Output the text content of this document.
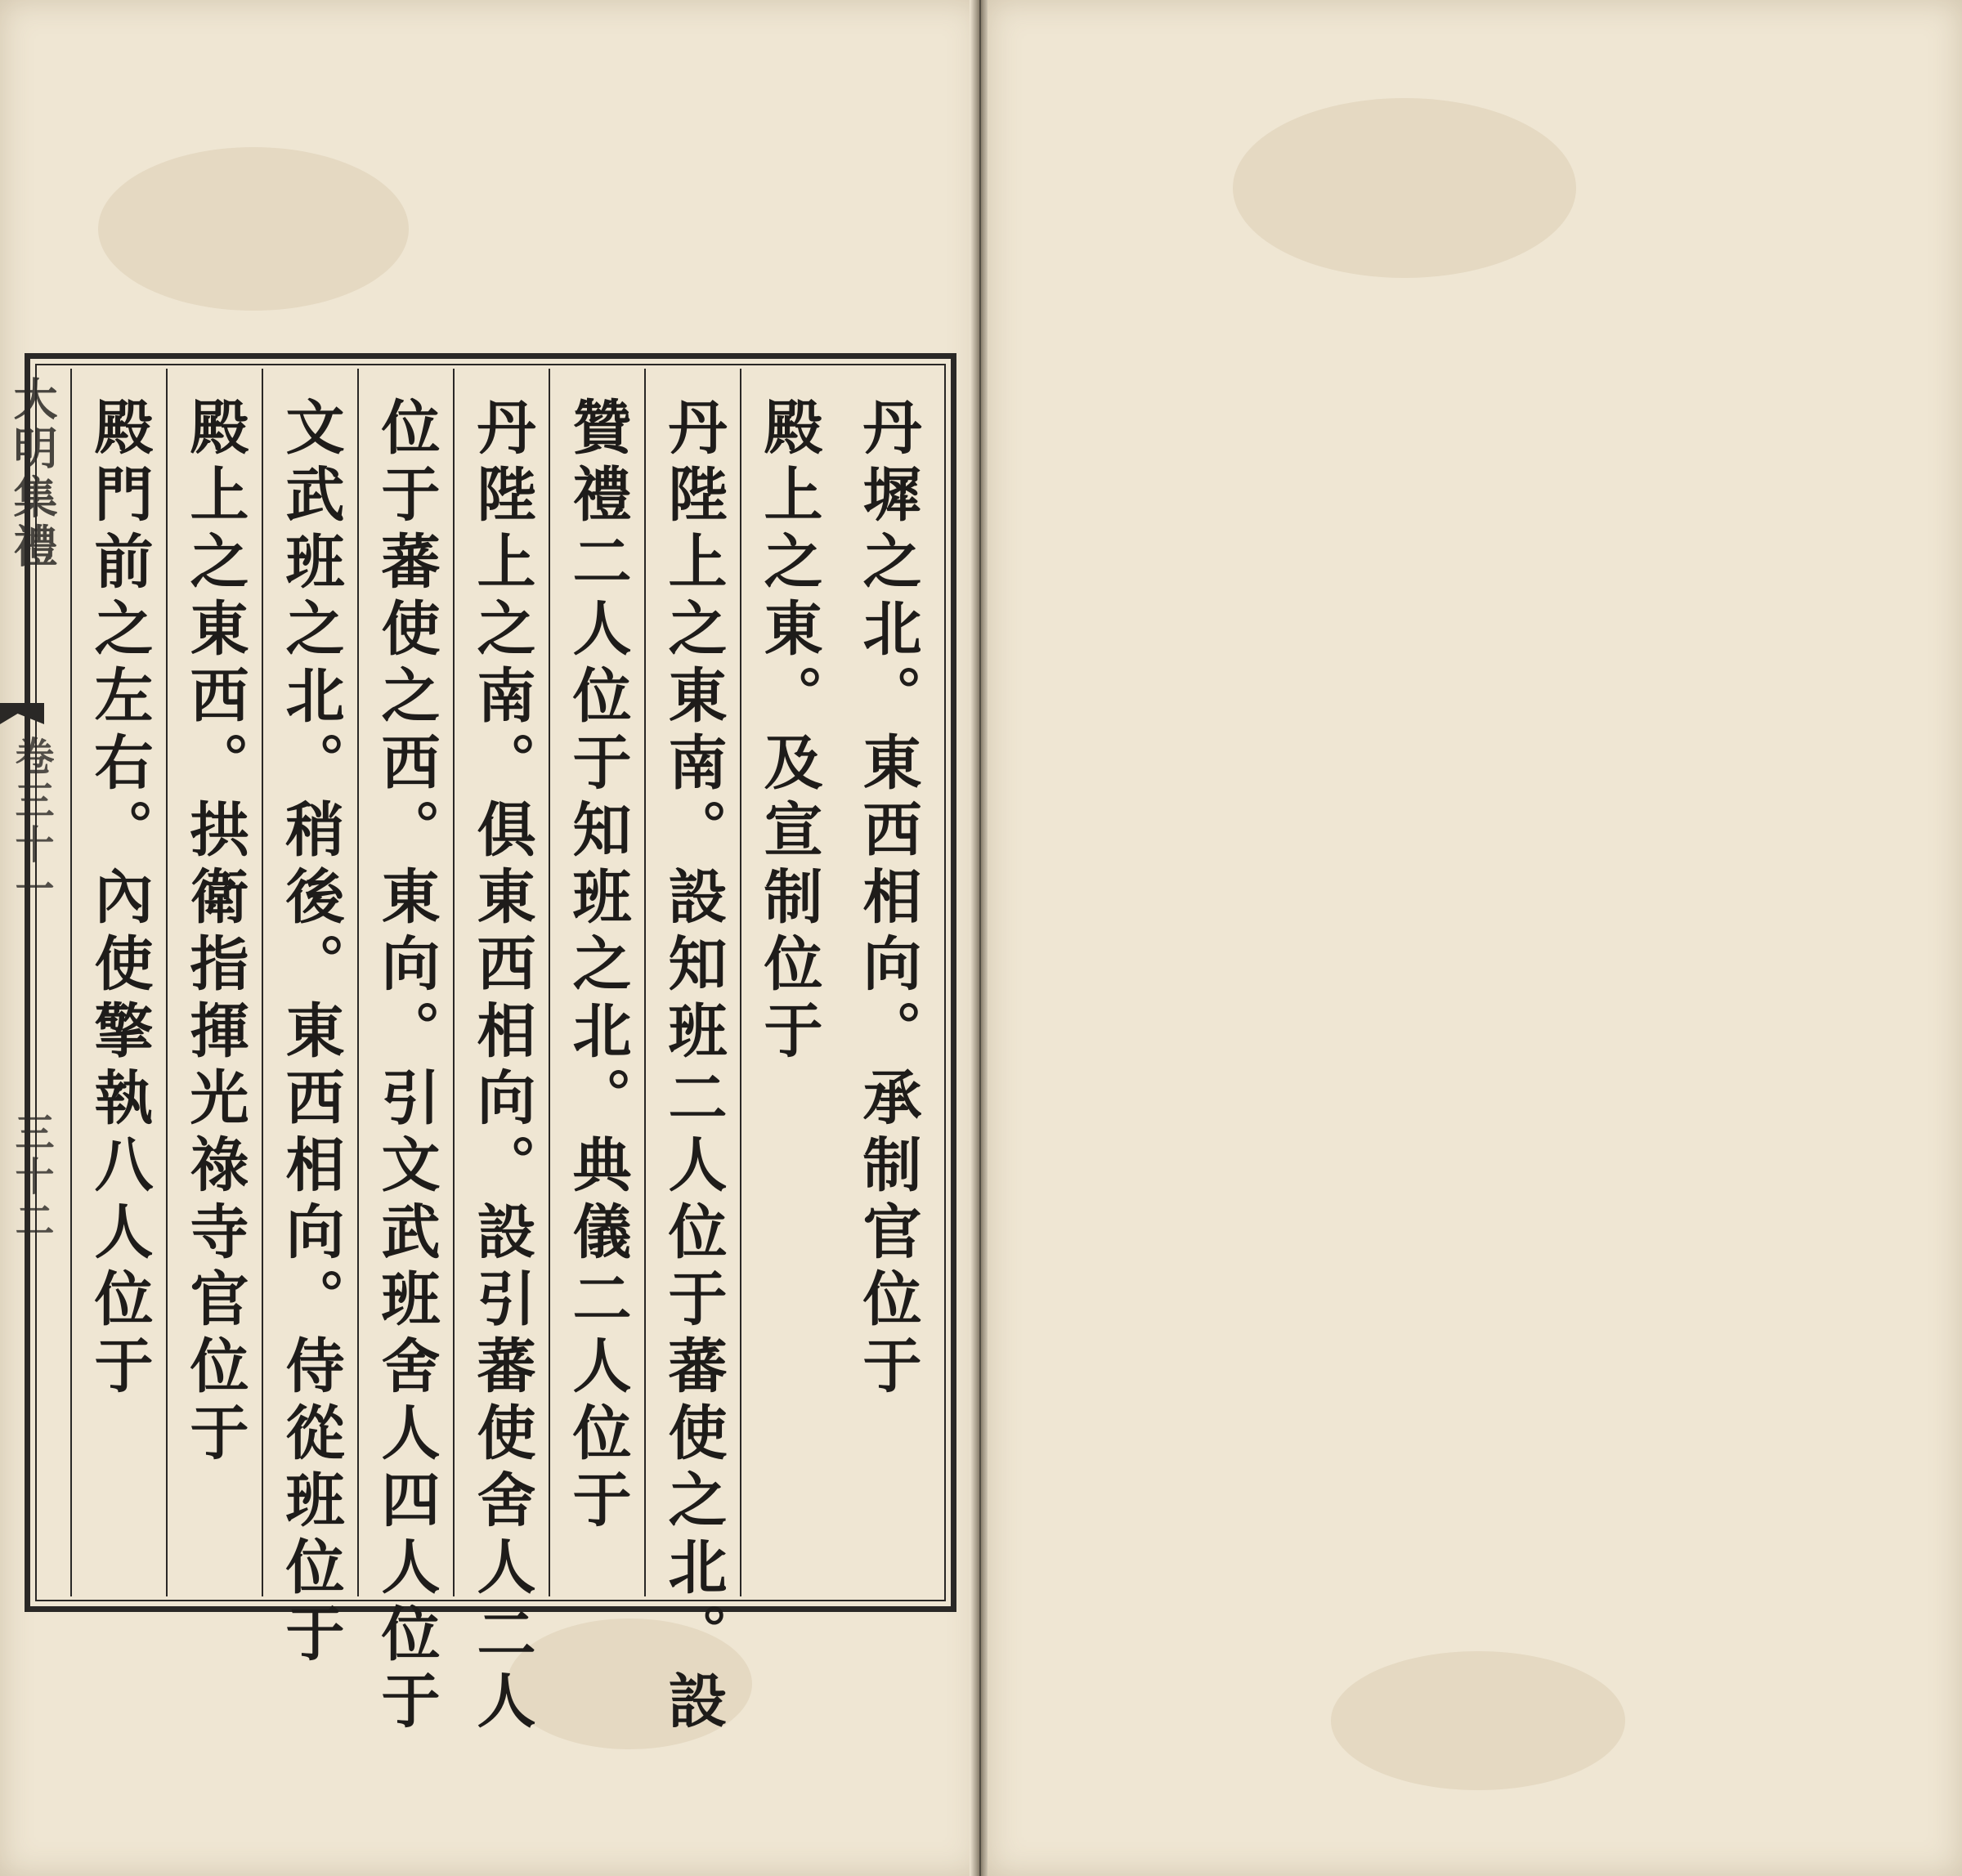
大明集禮
卷三十一
三十二	丹墀之北。東西相向。承制官位于
殿上之東。及宣制位于
丹陛上之東南。設知班二人位于蕃使之北。設
贊禮二人位于知班之北。典儀二人位于
丹陛上之南。俱東西相向。設引蕃使舍人二人
位于蕃使之西。東向。引文武班舍人四人位于
文武班之北。稍後。東西相向。侍從班位于
殿上之東西。拱衛指揮光祿寺官位于
殿門前之左右。內使擎執八人位于
